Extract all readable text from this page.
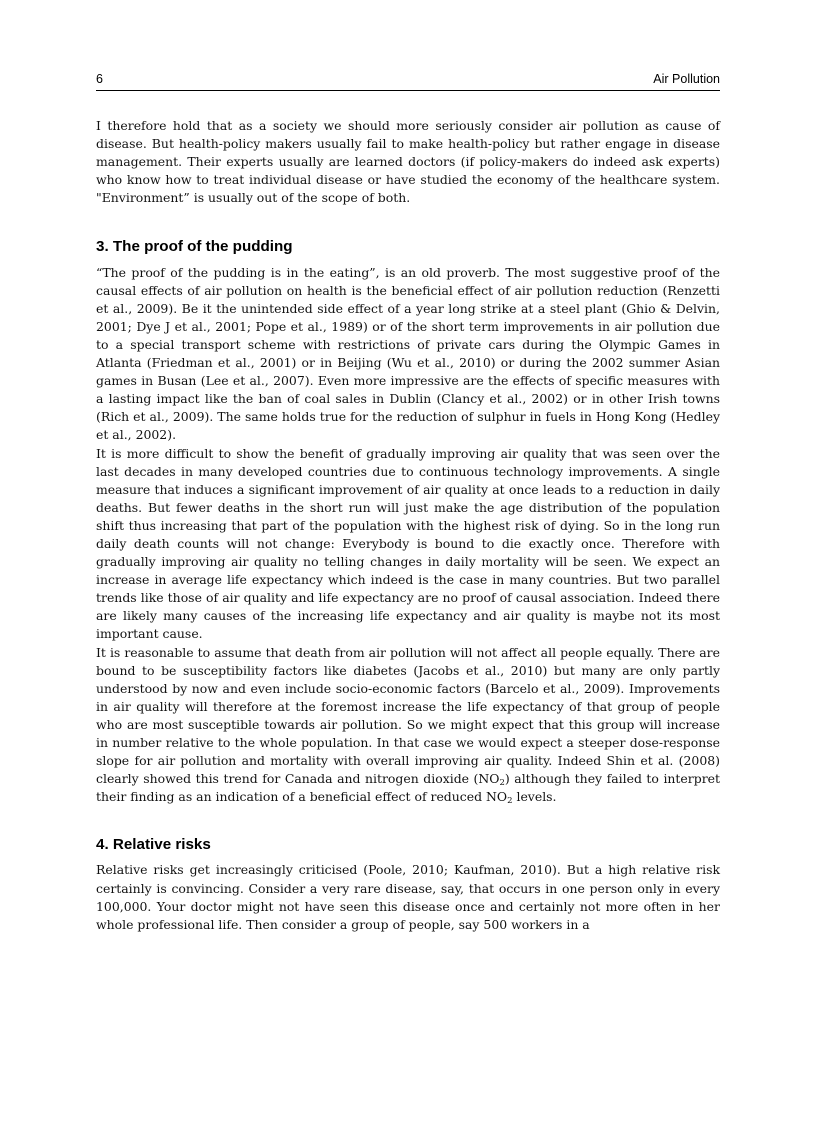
6	Air Pollution

I therefore hold that as a society we should more seriously consider air pollution as cause of disease. But health-policy makers usually fail to make health-policy but rather engage in disease management. Their experts usually are learned doctors (if policy-makers do indeed ask experts) who know how to treat individual disease or have studied the economy of the healthcare system. "Environment” is usually out of the scope of both.

3. The proof of the pudding

“The proof of the pudding is in the eating”, is an old proverb. The most suggestive proof of the causal effects of air pollution on health is the beneficial effect of air pollution reduction (Renzetti et al., 2009). Be it the unintended side effect of a year long strike at a steel plant (Ghio & Delvin, 2001; Dye J et al., 2001; Pope et al., 1989) or of the short term improvements in air pollution due to a special transport scheme with restrictions of private cars during the Olympic Games in Atlanta (Friedman et al., 2001) or in Beijing (Wu et al., 2010) or during the 2002 summer Asian games in Busan (Lee et al., 2007). Even more impressive are the effects of specific measures with a lasting impact like the ban of coal sales in Dublin (Clancy et al., 2002) or in other Irish towns (Rich et al., 2009). The same holds true for the reduction of sulphur in fuels in Hong Kong (Hedley et al., 2002).

It is more difficult to show the benefit of gradually improving air quality that was seen over the last decades in many developed countries due to continuous technology improvements. A single measure that induces a significant improvement of air quality at once leads to a reduction in daily deaths. But fewer deaths in the short run will just make the age distribution of the population shift thus increasing that part of the population with the highest risk of dying. So in the long run daily death counts will not change: Everybody is bound to die exactly once. Therefore with gradually improving air quality no telling changes in daily mortality will be seen. We expect an increase in average life expectancy which indeed is the case in many countries. But two parallel trends like those of air quality and life expectancy are no proof of causal association. Indeed there are likely many causes of the increasing life expectancy and air quality is maybe not its most important cause.

It is reasonable to assume that death from air pollution will not affect all people equally. There are bound to be susceptibility factors like diabetes (Jacobs et al., 2010) but many are only partly understood by now and even include socio-economic factors (Barcelo et al., 2009). Improvements in air quality will therefore at the foremost increase the life expectancy of that group of people who are most susceptible towards air pollution. So we might expect that this group will increase in number relative to the whole population. In that case we would expect a steeper dose-response slope for air pollution and mortality with overall improving air quality. Indeed Shin et al. (2008) clearly showed this trend for Canada and nitrogen dioxide $(NO_2)$ although they failed to interpret their finding as an indication of a beneficial effect of reduced $NO_2$ levels.

4. Relative risks

Relative risks get increasingly criticised (Poole, 2010; Kaufman, 2010). But a high relative risk certainly is convincing. Consider a very rare disease, say, that occurs in one person only in every 100,000. Your doctor might not have seen this disease once and certainly not more often in her whole professional life. Then consider a group of people, say 500 workers in a
